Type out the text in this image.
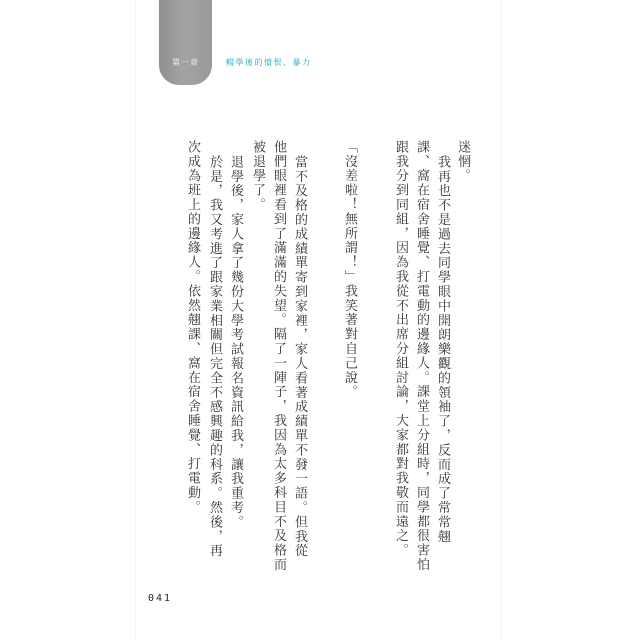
第一章	輟學後的憤恨、暴力
迷惘。
我再也不是過去同學眼中開朗樂觀的領袖了，反而成了常常翹
課、窩在宿舍睡覺、打電動的邊緣人。課堂上分組時，同學都很害怕
跟我分到同組，因為我從不出席分組討論，大家都對我敬而遠之。
「沒差啦！無所謂！」我笑著對自己說。
當不及格的成績單寄到家裡，家人看著成績單不發一語。但我從
他們眼裡看到了滿滿的失望。隔了一陣子，我因為太多科目不及格而
被退學了。
退學後，家人拿了幾份大學考試報名資訊給我，讓我重考。
於是，我又考進了跟家業相關但完全不感興趣的科系。然後，再
次成為班上的邊緣人。依然翹課、窩在宿舍睡覺、打電動。
041
